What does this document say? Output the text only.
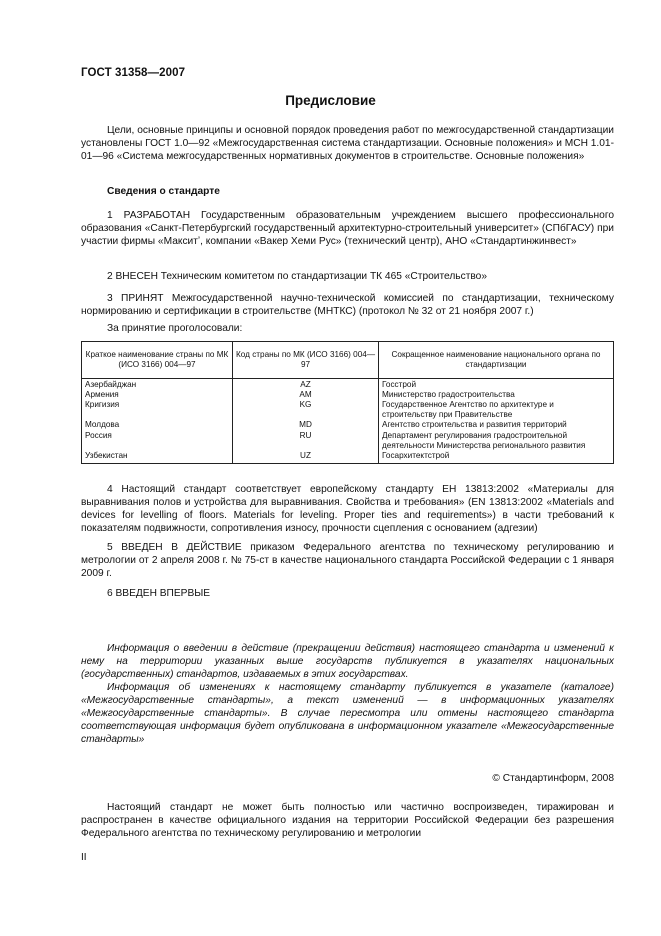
ГОСТ 31358—2007
Предисловие

Цели, основные принципы и основной порядок проведения работ по межгосударственной стандартизации установлены ГОСТ 1.0—92 «Межгосударственная система стандартизации. Основные положения» и МСН 1.01-01—96 «Система межгосударственных нормативных документов в строительстве. Основные положения»

Сведения о стандарте

1 РАЗРАБОТАН Государственным образовательным учреждением высшего профессионального образования «Санкт-Петербургский государственный архитектурно-строительный университет» (СПбГАСУ) при участии фирмы «Макситʼ, компании «Вакер Хеми Рус» (технический центр), АНО «Стандартинжинвест»

2 ВНЕСЕН Техническим комитетом по стандартизации ТК 465 «Строительство»

3 ПРИНЯТ Межгосударственной научно-технической комиссией по стандартизации, техническому нормированию и сертификации в строительстве (МНТКС) (протокол № 32 от 21 ноября 2007 г.)

За принятие проголосовали:

Краткое наименование страны по МК (ИСО 3166) 004—97	Код страны по МК (ИСО 3166) 004—97	Сокращенное наименование национального органа по стандартизации

Азербайджан	AZ	Госстрой
Армения	AM	Министерство градостроительства
Кригизия	KG	Государственное Агентство по архитектуре и строительству при Правительстве
Молдова	MD	Агентство строительства и развития территорий
Россия	RU	Департамент регулирования градостроительной деятельности Министерства регионального развития
Узбекистан	UZ	Госархитектстрой

4 Настоящий стандарт соответствует европейскому стандарту ЕН 13813:2002 «Материалы для выравнивания полов и устройства для выравнивания. Свойства и требования» (EN 13813:2002 «Materials and devices for levelling of floors. Materials for leveling. Proper ties and requirements») в части требований к показателям подвижности, сопротивления износу, прочности сцепления с основанием (адгезии)

5 ВВЕДЕН В ДЕЙСТВИЕ приказом Федерального агентства по техническому регулированию и метрологии от 2 апреля 2008 г. № 75-ст в качестве национального стандарта Российской Федерации с 1 января 2009 г.

6 ВВЕДЕН ВПЕРВЫЕ

Информация о введении в действие (прекращении действия) настоящего стандарта и изменений к нему на территории указанных выше государств публикуется в указателях национальных (государственных) стандартов, издаваемых в этих государствах.

Информация об изменениях к настоящему стандарту публикуется в указателе (каталоге) «Межгосударственные стандарты», а текст изменений — в информационных указателях «Межгосударственные стандарты». В случае пересмотра или отмены настоящего стандарта соответствующая информация будет опубликована в информационном указателе «Межгосударственные стандарты»

© Стандартинформ, 2008

Настоящий стандарт не может быть полностью или частично воспроизведен, тиражирован и распространен в качестве официального издания на территории Российской Федерации без разрешения Федерального агентства по техническому регулированию и метрологии

II
